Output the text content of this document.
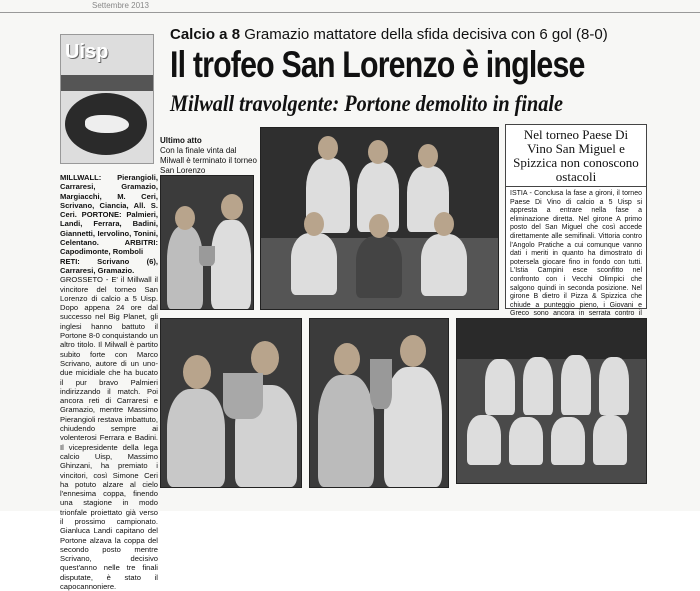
Settembre 2013
Uisp
Calcio a 8 Gramazio mattatore della sfida decisiva con 6 gol (8-0)
Il trofeo San Lorenzo è inglese
Milwall travolgente: Portone demolito in finale
Ultimo atto
Con la finale vinta dal Milwall è terminato il torneo San Lorenzo

MILLWALL: Pierangioli, Carraresi, Gramazio, Margiacchi, M. Ceri, Scrivano, Ciancia, All. S. Ceri. PORTONE: Palmieri, Landi, Ferrara, Badini, Giannetti, Iervolino, Tonini, Celentano. ARBITRI: Capodimonte, Romboli

RETI: Scrivano (6), Carraresi, Gramazio.

GROSSETO - E' il Millwall il vincitore del torneo San Lorenzo di calcio a 5 Uisp. Dopo appena 24 ore dal successo nel Big Planet, gli inglesi hanno battuto il Portone 8-0 conquistando un altro titolo. Il Milwall è partito subito forte con Marco Scrivano, autore di un uno-due micidiale che ha bucato il pur bravo Palmieri indirizzando il match. Poi ancora reti di Carraresi e Gramazio, mentre Massimo Pierangioli restava imbattuto, chiudendo sempre ai volenterosi Ferrara e Badini. Il vicepresidente della lega calcio Uisp, Massimo Ghinzani, ha premiato i vincitori, così Simone Ceri ha potuto alzare al cielo l'ennesima coppa, finendo una stagione in modo trionfale proiettato già verso il prossimo campionato. Gianluca Landi capitano del Portone alzava la coppa del secondo posto mentre Scrivano, decisivo quest'anno nelle tre finali disputate, è stato il capocannoniere.

Nel torneo Paese Di Vino San Miguel e Spizzica non conoscono ostacoli
ISTIA - Conclusa la fase a gironi, il torneo Paese Di Vino di calcio a 5 Uisp si appresta a entrare nella fase a eliminazione diretta. Nel girone A primo posto del San Miguel che così accede direttamente alle semifinali. Vittoria contro l'Angolo Pratiche a cui comunque vanno dati i meriti in quanto ha dimostrato di potersela giocare fino in fondo con tutti. L'Istia Campini esce sconfitto nel confronto con i Vecchi Olimpici che salgono quindi in seconda posizione. Nel girone B dietro il Pizza & Spizzica che chiude a punteggio pieno, i Giovani e Greco sono ancora in serrata contro il
